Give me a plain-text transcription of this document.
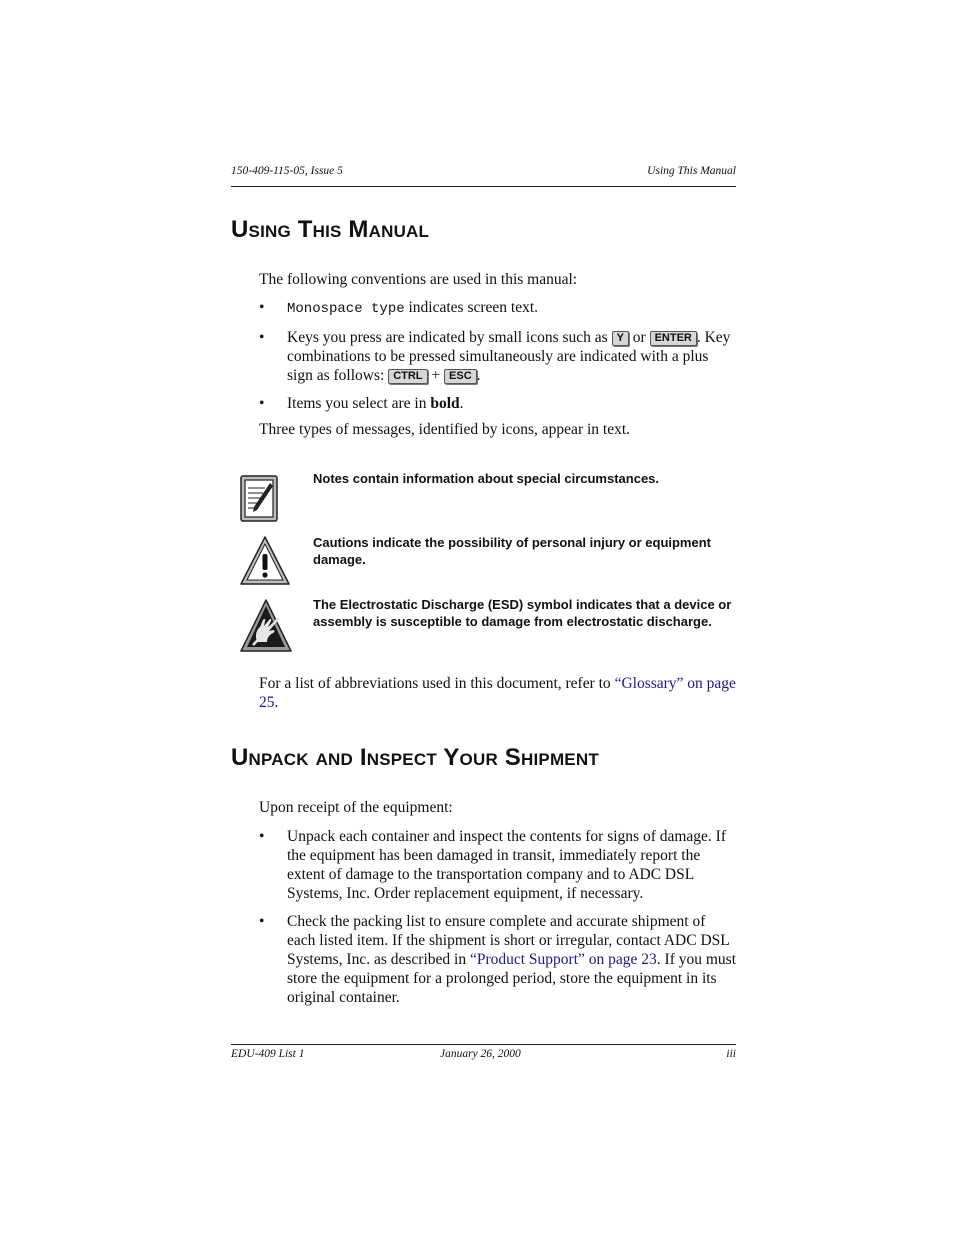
150-409-115-05, Issue 5	Using This Manual
Using This Manual

The following conventions are used in this manual:

• Monospace type indicates screen text.
• Keys you press are indicated by small icons such as Y or ENTER . Key combinations to be pressed simultaneously are indicated with a plus sign as follows: CTRL + ESC .
• Items you select are in bold.

Three types of messages, identified by icons, appear in text.

Notes contain information about special circumstances.
Cautions indicate the possibility of personal injury or equipment damage.
The Electrostatic Discharge (ESD) symbol indicates that a device or assembly is susceptible to damage from electrostatic discharge.

For a list of abbreviations used in this document, refer to “Glossary” on page 25.

Unpack and Inspect Your Shipment

Upon receipt of the equipment:

• Unpack each container and inspect the contents for signs of damage. If the equipment has been damaged in transit, immediately report the extent of damage to the transportation company and to ADC DSL Systems, Inc. Order replacement equipment, if necessary.
• Check the packing list to ensure complete and accurate shipment of each listed item. If the shipment is short or irregular, contact ADC DSL Systems, Inc. as described in “Product Support” on page 23. If you must store the equipment for a prolonged period, store the equipment in its original container.
EDU-409 List 1	January 26, 2000	iii
